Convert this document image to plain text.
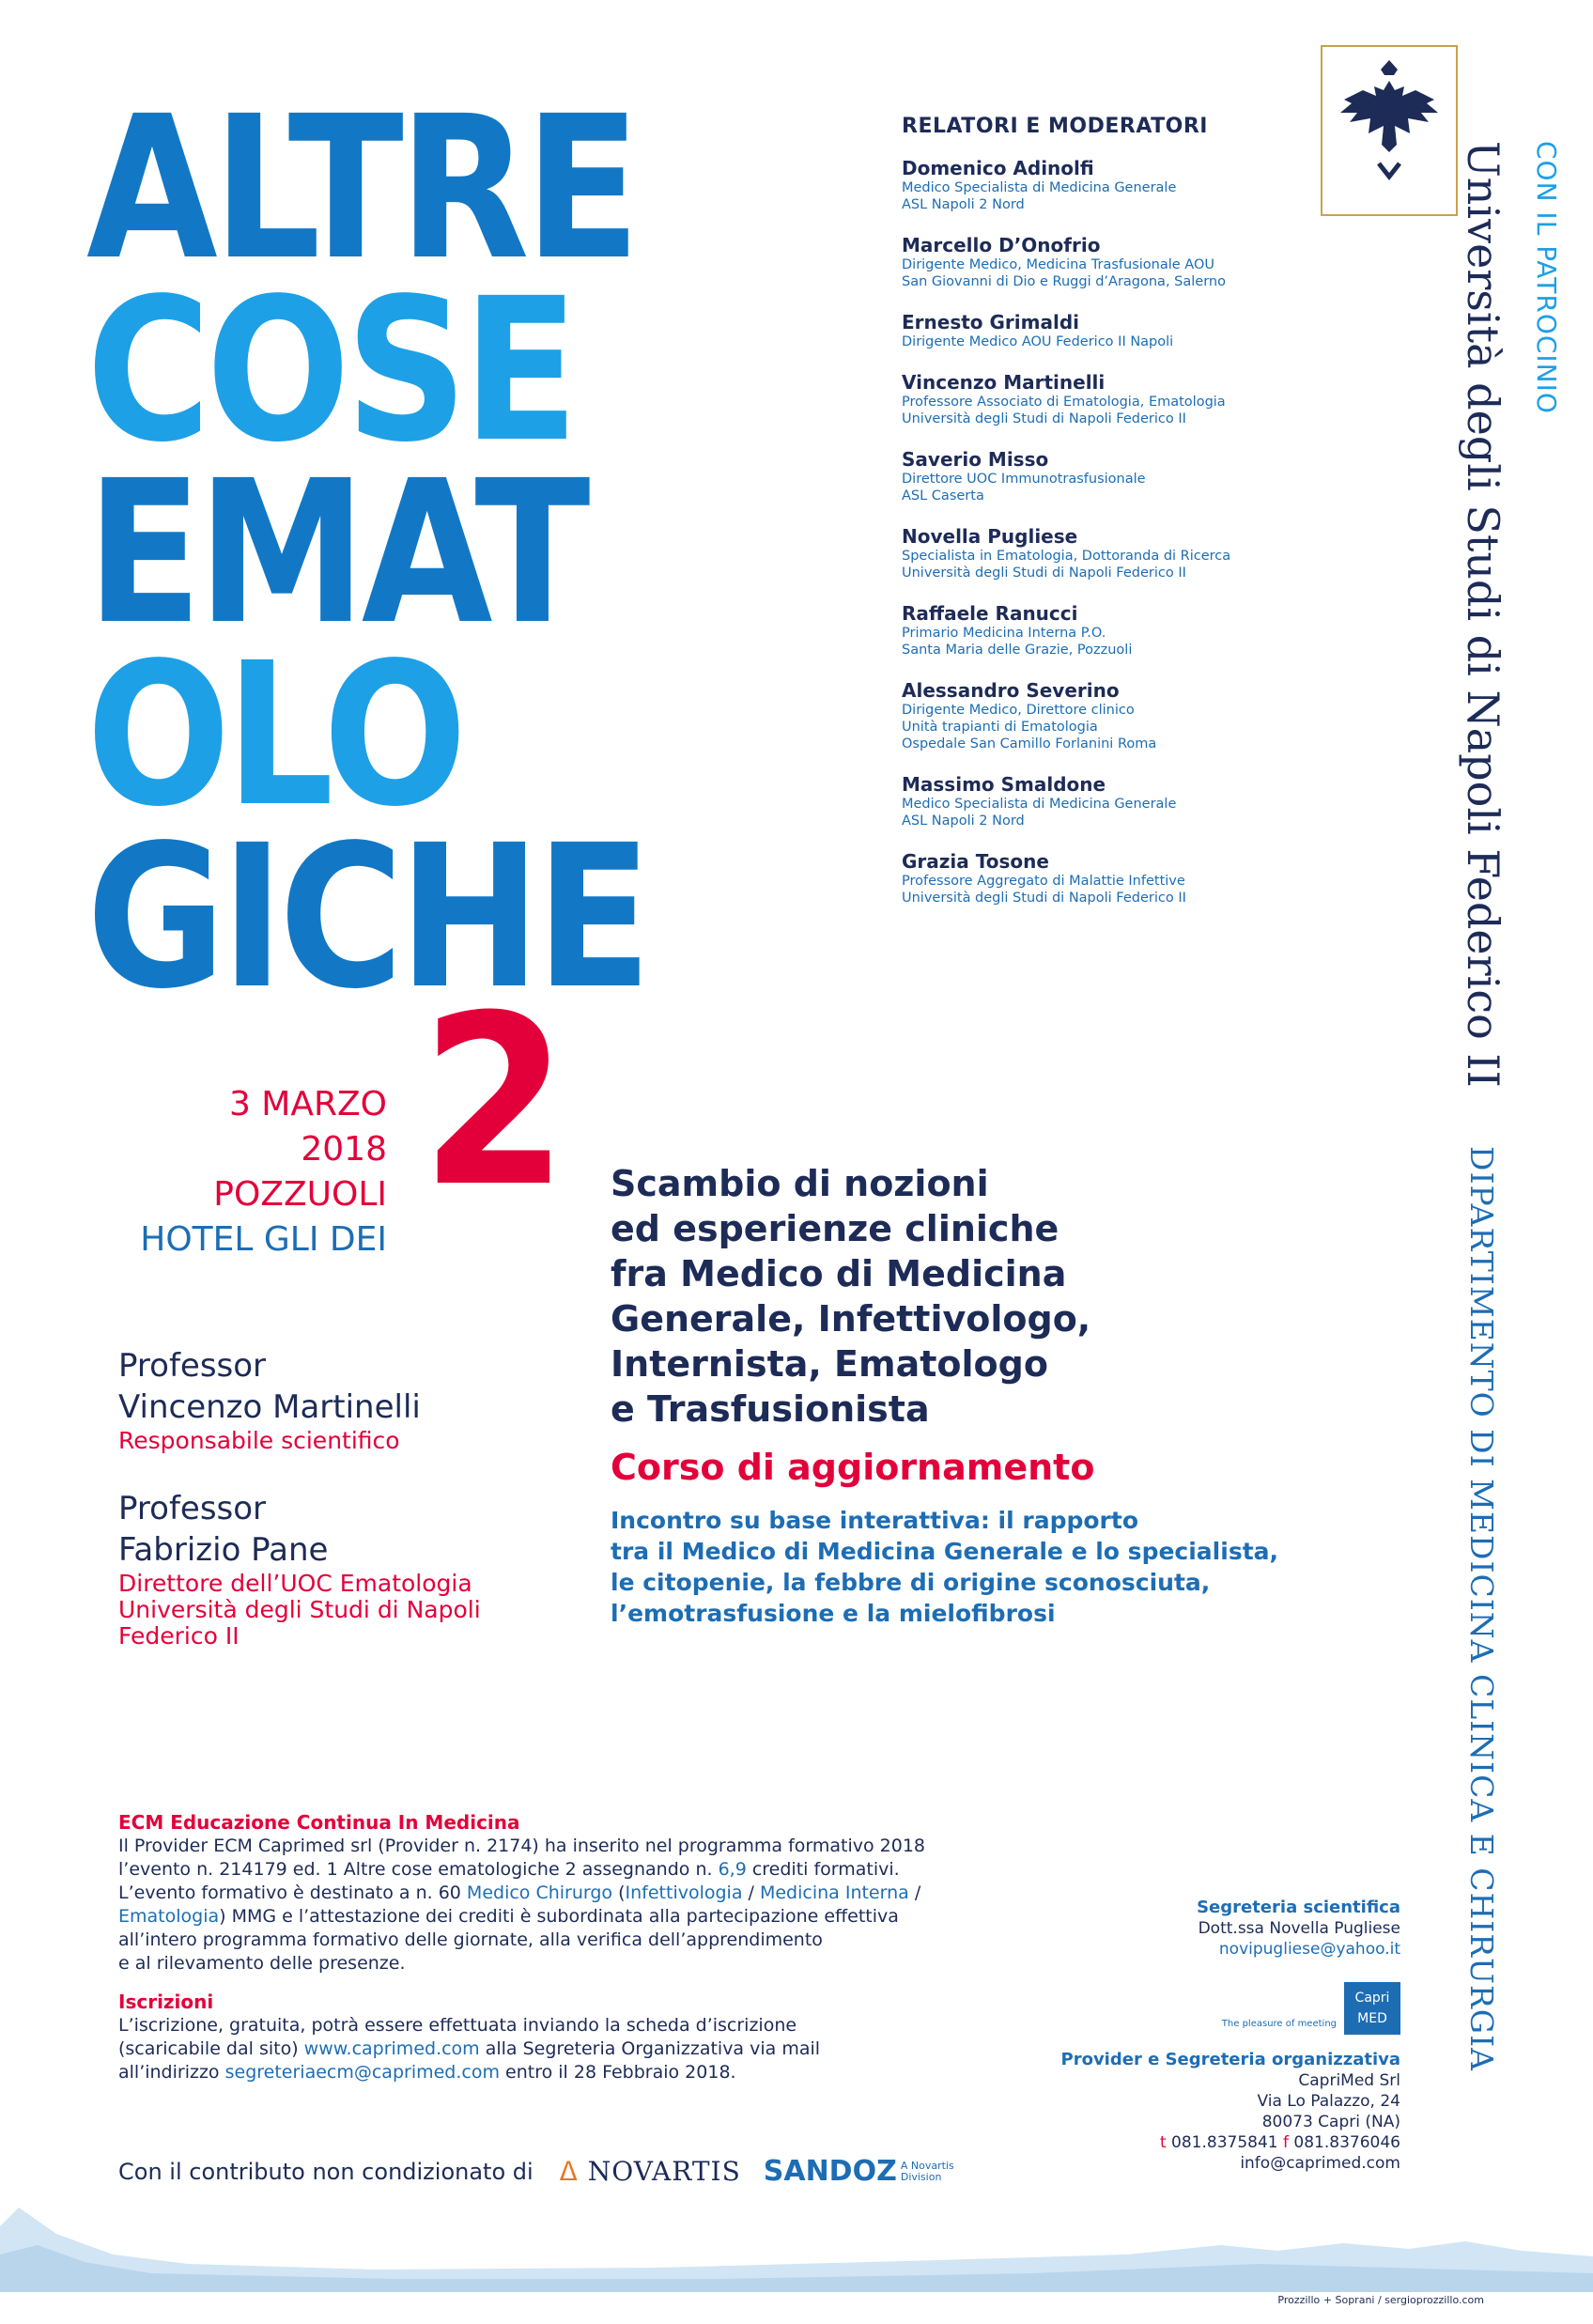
ALTRE
COSE
EMAT
OLO
GICHE
2
3 MARZO
2018
POZZUOLI
HOTEL GLI DEI
RELATORI E MODERATORI
Domenico Adinolfi
Medico Specialista di Medicina Generale
ASL Napoli 2 Nord
Marcello D’Onofrio
Dirigente Medico, Medicina Trasfusionale AOU
San Giovanni di Dio e Ruggi d’Aragona, Salerno
Ernesto Grimaldi
Dirigente Medico AOU Federico II Napoli
Vincenzo Martinelli
Professore Associato di Ematologia, Ematologia
Università degli Studi di Napoli Federico II
Saverio Misso
Direttore UOC Immunotrasfusionale
ASL Caserta
Novella Pugliese
Specialista in Ematologia, Dottoranda di Ricerca
Università degli Studi di Napoli Federico II
Raffaele Ranucci
Primario Medicina Interna P.O.
Santa Maria delle Grazie, Pozzuoli
Alessandro Severino
Dirigente Medico, Direttore clinico
Unità trapianti di Ematologia
Ospedale San Camillo Forlanini Roma
Massimo Smaldone
Medico Specialista di Medicina Generale
ASL Napoli 2 Nord
Grazia Tosone
Professore Aggregato di Malattie Infettive
Università degli Studi di Napoli Federico II
CON IL PATROCINIO
Università degli Studi di Napoli Federico II
DIPARTIMENTO DI MEDICINA CLINICA E CHIRURGIA
Professor
Vincenzo Martinelli
Responsabile scientifico
Professor
Fabrizio Pane
Direttore dell’UOC Ematologia
Università degli Studi di Napoli
Federico II

Scambio di nozioni
ed esperienze cliniche
fra Medico di Medicina
Generale, Infettivologo,
Internista, Ematologo
e Trasfusionista

Corso di aggiornamento

Incontro su base interattiva: il rapporto
tra il Medico di Medicina Generale e lo specialista,
le citopenie, la febbre di origine sconosciuta,
l’emotrasfusione e la mielofibrosi

ECM Educazione Continua In Medicina
Il Provider ECM Caprimed srl (Provider n. 2174) ha inserito nel programma formativo 2018
l’evento n. 214179 ed. 1 Altre cose ematologiche 2 assegnando n. 6,9 crediti formativi.
L’evento formativo è destinato a n. 60 Medico Chirurgo (Infettivologia / Medicina Interna /
Ematologia) MMG e l’attestazione dei crediti è subordinata alla partecipazione effettiva
all’intero programma formativo delle giornate, alla verifica dell’apprendimento
e al rilevamento delle presenze.
Iscrizioni
L’iscrizione, gratuita, potrà essere effettuata inviando la scheda d’iscrizione
(scaricabile dal sito) www.caprimed.com alla Segreteria Organizzativa via mail
all’indirizzo segreteriaecm@caprimed.com entro il 28 Febbraio 2018.
Segreteria scientifica
Dott.ssa Novella Pugliese
novipugliese@yahoo.it
The pleasure of meeting
Capri
MED
Provider e Segreteria organizzativa
CapriMed Srl
Via Lo Palazzo, 24
80073 Capri (NA)
t 081.8375841 f 081.8376046
info@caprimed.com
Con il contributo non condizionato di ᐃ NOVARTIS SANDOZ A Novartis
Division
Prozzillo + Soprani / sergioprozzillo.com
